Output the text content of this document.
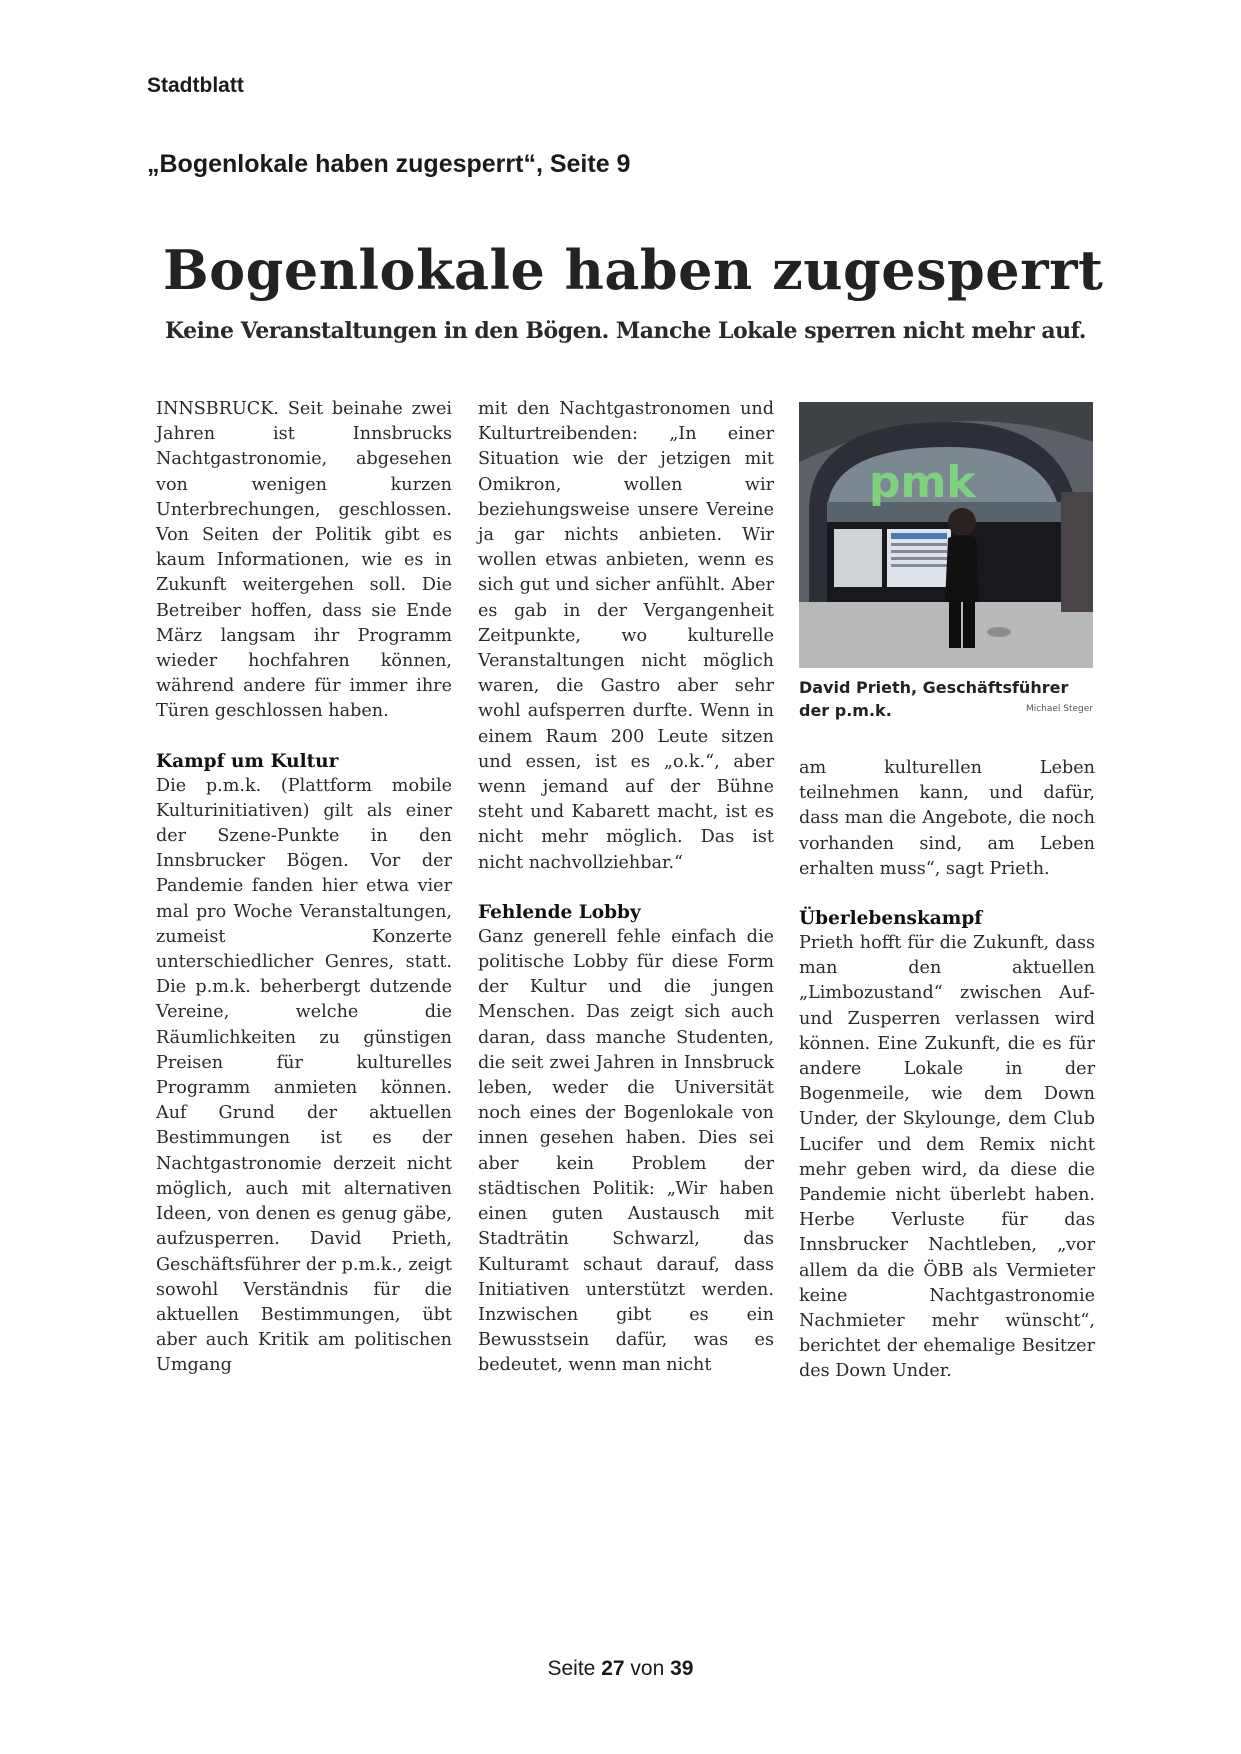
Stadtblatt
„Bogenlokale haben zugesperrt“, Seite 9
Bogenlokale haben zugesperrt
Keine Veranstaltungen in den Bögen. Manche Lokale sperren nicht mehr auf.

INNSBRUCK. Seit beinahe zwei Jahren ist Innsbrucks Nachtgastronomie, abgesehen von wenigen kurzen Unterbrechungen, geschlossen. Von Seiten der Politik gibt es kaum Informationen, wie es in Zukunft weitergehen soll. Die Betreiber hoffen, dass sie Ende März langsam ihr Programm wieder hochfahren können, während andere für immer ihre Türen geschlossen haben.

Kampf um Kultur

Die p.m.k. (Plattform mobile Kulturinitiativen) gilt als einer der Szene-Punkte in den Innsbrucker Bögen. Vor der Pandemie fanden hier etwa vier mal pro Woche Veranstaltungen, zumeist Konzerte unterschiedlicher Genres, statt. Die p.m.k. beherbergt dutzende Vereine, welche die Räumlichkeiten zu günstigen Preisen für kulturelles Programm anmieten können. Auf Grund der aktuellen Bestimmungen ist es der Nachtgastronomie derzeit nicht möglich, auch mit alternativen Ideen, von denen es genug gäbe, aufzusperren. David Prieth, Geschäftsführer der p.m.k., zeigt sowohl Verständnis für die aktuellen Bestimmungen, übt aber auch Kritik am politischen Umgang

mit den Nachtgastronomen und Kulturtreibenden: „In einer Situation wie der jetzigen mit Omikron, wollen wir beziehungsweise unsere Vereine ja gar nichts anbieten. Wir wollen etwas anbieten, wenn es sich gut und sicher anfühlt. Aber es gab in der Vergangenheit Zeitpunkte, wo kulturelle Veranstaltungen nicht möglich waren, die Gastro aber sehr wohl aufsperren durfte. Wenn in einem Raum 200 Leute sitzen und essen, ist es „o.k.“, aber wenn jemand auf der Bühne steht und Kabarett macht, ist es nicht mehr möglich. Das ist nicht nachvollziehbar.“

Fehlende Lobby

Ganz generell fehle einfach die politische Lobby für diese Form der Kultur und die jungen Menschen. Das zeigt sich auch daran, dass manche Studenten, die seit zwei Jahren in Innsbruck leben, weder die Universität noch eines der Bogenlokale von innen gesehen haben. Dies sei aber kein Problem der städtischen Politik: „Wir haben einen guten Austausch mit Stadträtin Schwarzl, das Kulturamt schaut darauf, dass Initiativen unterstützt werden. Inzwischen gibt es ein Bewusstsein dafür, was es bedeutet, wenn man nicht

pmk
David Prieth, Geschäftsführer der p.m.k.	Michael Steger

am kulturellen Leben teilnehmen kann, und dafür, dass man die Angebote, die noch vorhanden sind, am Leben erhalten muss“, sagt Prieth.

Überlebenskampf

Prieth hofft für die Zukunft, dass man den aktuellen „Limbozustand“ zwischen Auf- und Zusperren verlassen wird können. Eine Zukunft, die es für andere Lokale in der Bogenmeile, wie dem Down Under, der Skylounge, dem Club Lucifer und dem Remix nicht mehr geben wird, da diese die Pandemie nicht überlebt haben. Herbe Verluste für das Innsbrucker Nachtleben, „vor allem da die ÖBB als Vermieter keine Nachtgastronomie Nachmieter mehr wünscht“, berichtet der ehemalige Besitzer des Down Under.

Seite 27 von 39
